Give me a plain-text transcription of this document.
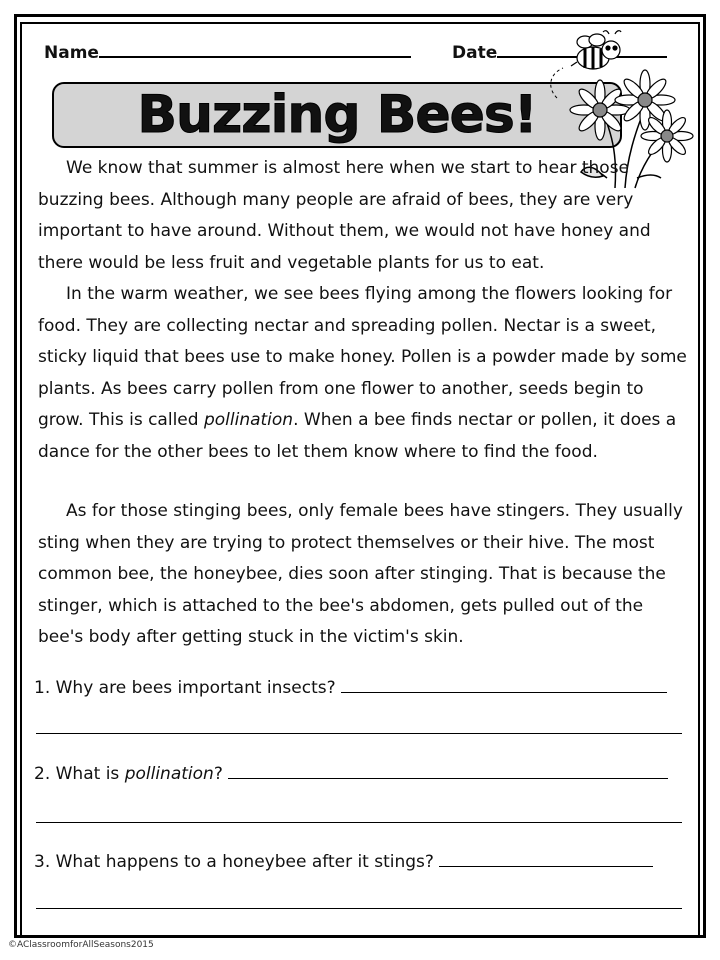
Name	Date
Buzzing Bees!

We know that summer is almost here when we start to hear those buzzing bees. Although many people are afraid of bees, they are very important to have around. Without them, we would not have honey and there would be less fruit and vegetable plants for us to eat.

In the warm weather, we see bees flying among the flowers looking for food. They are collecting nectar and spreading pollen. Nectar is a sweet, sticky liquid that bees use to make honey. Pollen is a powder made by some plants. As bees carry pollen from one flower to another, seeds begin to grow. This is called pollination. When a bee finds nectar or pollen, it does a dance for the other bees to let them know where to find the food.

As for those stinging bees, only female bees have stingers. They usually sting when they are trying to protect themselves or their hive. The most common bee, the honeybee, dies soon after stinging. That is because the stinger, which is attached to the bee's abdomen, gets pulled out of the bee's body after getting stuck in the victim's skin.

1. Why are bees important insects?
2. What is pollination?
3. What happens to a honeybee after it stings?
©AClassroomforAllSeasons2015
